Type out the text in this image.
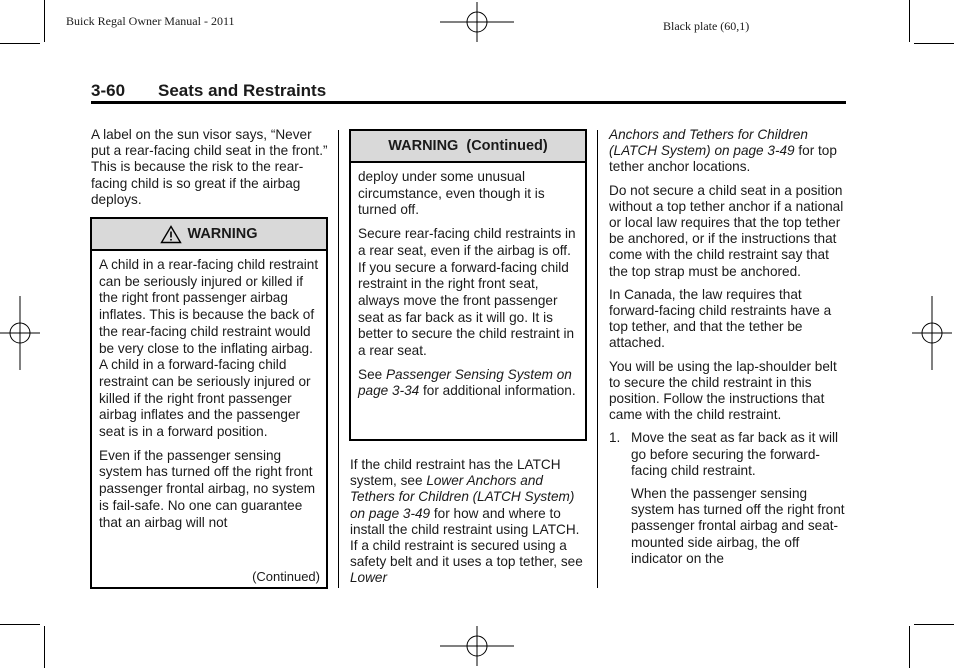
Buick Regal Owner Manual - 2011	Black plate (60,1)
3-60 Seats and Restraints

A label on the sun visor says, “Never put a rear-facing child seat in the front.” This is because the risk to the rear-facing child is so great if the airbag deploys.

WARNING

A child in a rear-facing child restraint can be seriously injured or killed if the right front passenger airbag inflates. This is because the back of the rear-facing child restraint would be very close to the inflating airbag. A child in a forward-facing child restraint can be seriously injured or killed if the right front passenger airbag inflates and the passenger seat is in a forward position.

Even if the passenger sensing system has turned off the right front passenger frontal airbag, no system is fail-safe. No one can guarantee that an airbag will not

(Continued)
WARNING  (Continued)

deploy under some unusual circumstance, even though it is turned off.

Secure rear-facing child restraints in a rear seat, even if the airbag is off. If you secure a forward-facing child restraint in the right front seat, always move the front passenger seat as far back as it will go. It is better to secure the child restraint in a rear seat.

See Passenger Sensing System on page 3-34 for additional information.

If the child restraint has the LATCH system, see Lower Anchors and Tethers for Children (LATCH System) on page 3-49 for how and where to install the child restraint using LATCH. If a child restraint is secured using a safety belt and it uses a top tether, see Lower

Anchors and Tethers for Children (LATCH System) on page 3-49 for top tether anchor locations.

Do not secure a child seat in a position without a top tether anchor if a national or local law requires that the top tether be anchored, or if the instructions that come with the child restraint say that the top strap must be anchored.

In Canada, the law requires that forward-facing child restraints have a top tether, and that the tether be attached.

You will be using the lap-shoulder belt to secure the child restraint in this position. Follow the instructions that came with the child restraint.

1. Move the seat as far back as it will go before securing the forward-facing child restraint.

When the passenger sensing system has turned off the right front passenger frontal airbag and seat-mounted side airbag, the off indicator on the
